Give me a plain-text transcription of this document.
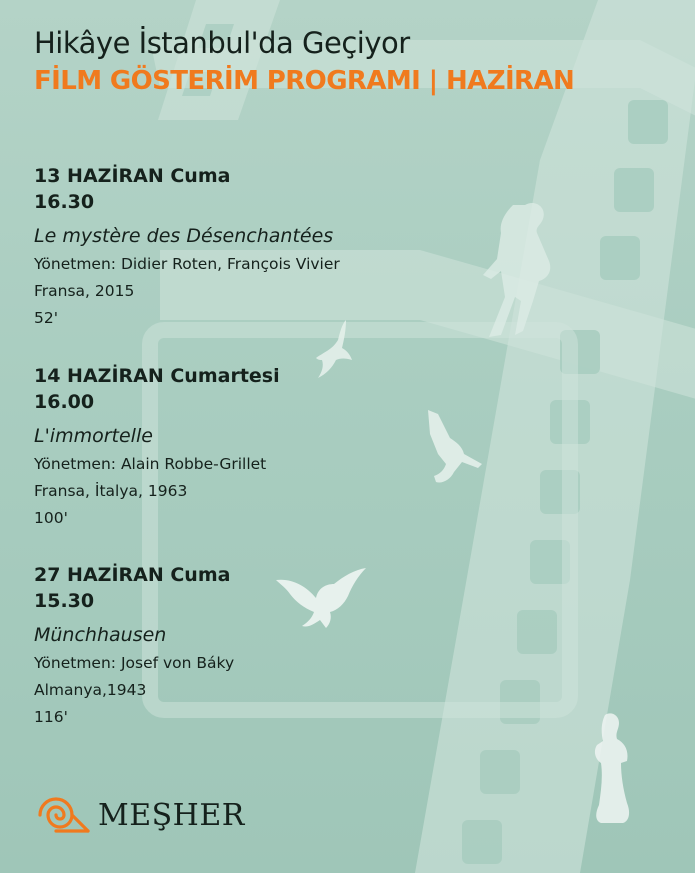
Hikâye İstanbul'da Geçiyor
FİLM GÖSTERİM PROGRAMI | HAZİRAN
13 HAZİRAN Cuma
16.30
Le mystère des Désenchantées
Yönetmen: Didier Roten, François Vivier
Fransa, 2015
52'
14 HAZİRAN Cumartesi
16.00
L'immortelle
Yönetmen: Alain Robbe-Grillet
Fransa, İtalya, 1963
100'
27 HAZİRAN Cuma
15.30
Münchhausen
Yönetmen: Josef von Báky
Almanya,1943
116'
MEŞHER
